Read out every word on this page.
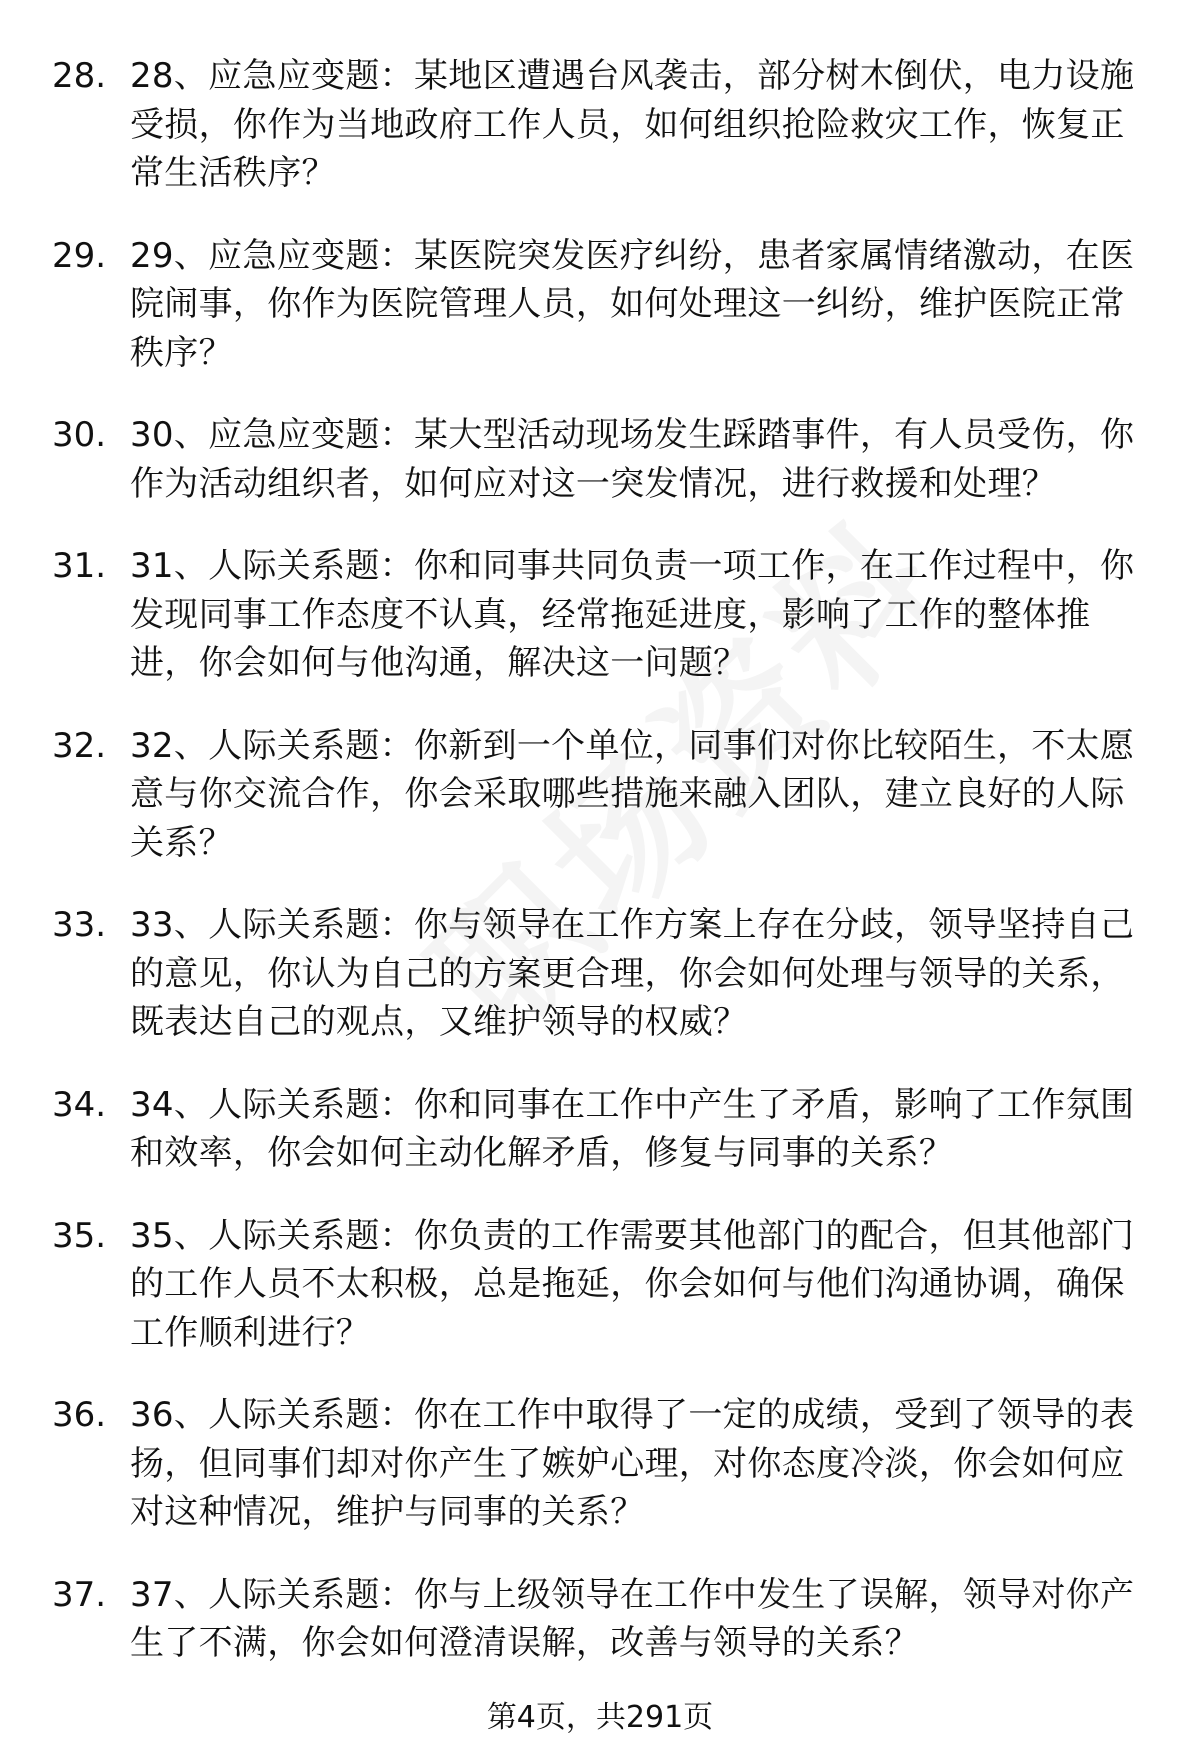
28. 28、应急应变题：某地区遭遇台风袭击，部分树木倒伏，电力设施受损，你作为当地政府工作人员，如何组织抢险救灾工作，恢复正常生活秩序？
29. 29、应急应变题：某医院突发医疗纠纷，患者家属情绪激动，在医院闹事，你作为医院管理人员，如何处理这一纠纷，维护医院正常秩序？
30. 30、应急应变题：某大型活动现场发生踩踏事件，有人员受伤，你作为活动组织者，如何应对这一突发情况，进行救援和处理？
31. 31、人际关系题：你和同事共同负责一项工作，在工作过程中，你发现同事工作态度不认真，经常拖延进度，影响了工作的整体推进，你会如何与他沟通，解决这一问题？
32. 32、人际关系题：你新到一个单位，同事们对你比较陌生，不太愿意与你交流合作，你会采取哪些措施来融入团队，建立良好的人际关系？
33. 33、人际关系题：你与领导在工作方案上存在分歧，领导坚持自己的意见，你认为自己的方案更合理，你会如何处理与领导的关系，既表达自己的观点，又维护领导的权威？
34. 34、人际关系题：你和同事在工作中产生了矛盾，影响了工作氛围和效率，你会如何主动化解矛盾，修复与同事的关系？
35. 35、人际关系题：你负责的工作需要其他部门的配合，但其他部门的工作人员不太积极，总是拖延，你会如何与他们沟通协调，确保工作顺利进行？
36. 36、人际关系题：你在工作中取得了一定的成绩，受到了领导的表扬，但同事们却对你产生了嫉妒心理，对你态度冷淡，你会如何应对这种情况，维护与同事的关系？
37. 37、人际关系题：你与上级领导在工作中发生了误解，领导对你产生了不满，你会如何澄清误解，改善与领导的关系？
第4页，共291页
